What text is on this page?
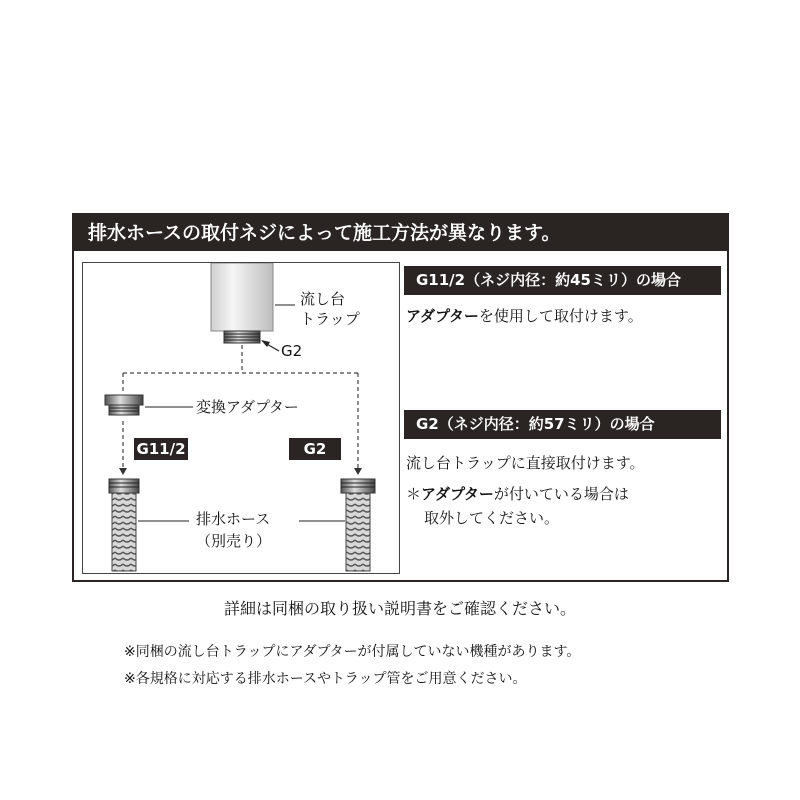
排水ホースの取付ネジによって施工方法が異なります。
流し台
トラップ
G2
変換アダプター
G11/2	G2
排水ホース
（別売り）
G11/2（ネジ内径：約45ミリ）の場合
アダプターを使用して取付けます。
G2（ネジ内径：約57ミリ）の場合
流し台トラップに直接取付けます。
＊アダプターが付いている場合は
取外してください。
詳細は同梱の取り扱い説明書をご確認ください。
※同梱の流し台トラップにアダプターが付属していない機種があります。
※各規格に対応する排水ホースやトラップ管をご用意ください。
